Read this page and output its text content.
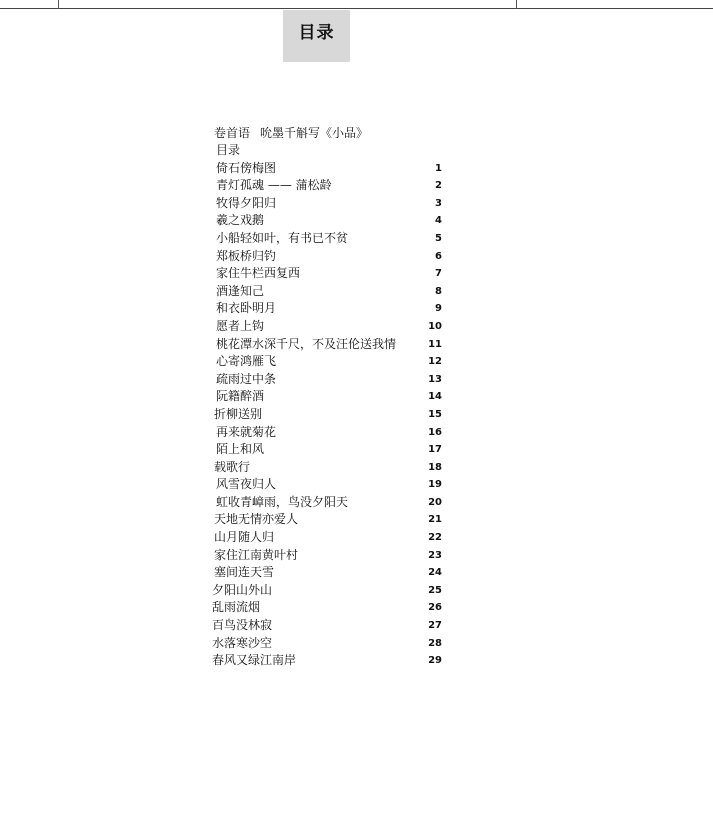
目录
卷首语 吮墨千斛写《小品》
目录
倚石傍梅图	1
青灯孤魂 —— 蒲松龄	2
牧得夕阳归	3
羲之戏鹅	4
小船轻如叶，有书已不贫	5
郑板桥归钓	6
家住牛栏西复西	7
酒逢知己	8
和衣卧明月	9
愿者上钩	10
桃花潭水深千尺，不及汪伦送我情	11
心寄鸿雁飞	12
疏雨过中条	13
阮籍醉酒	14
折柳送别	15
再来就菊花	16
陌上和风	17
载歌行	18
风雪夜归人	19
虹收青嶂雨，鸟没夕阳天	20
天地无情亦爱人	21
山月随人归	22
家住江南黄叶村	23
塞间连天雪	24
夕阳山外山	25
乱雨流烟	26
百鸟没林寂	27
水落寒沙空	28
春风又绿江南岸	29
